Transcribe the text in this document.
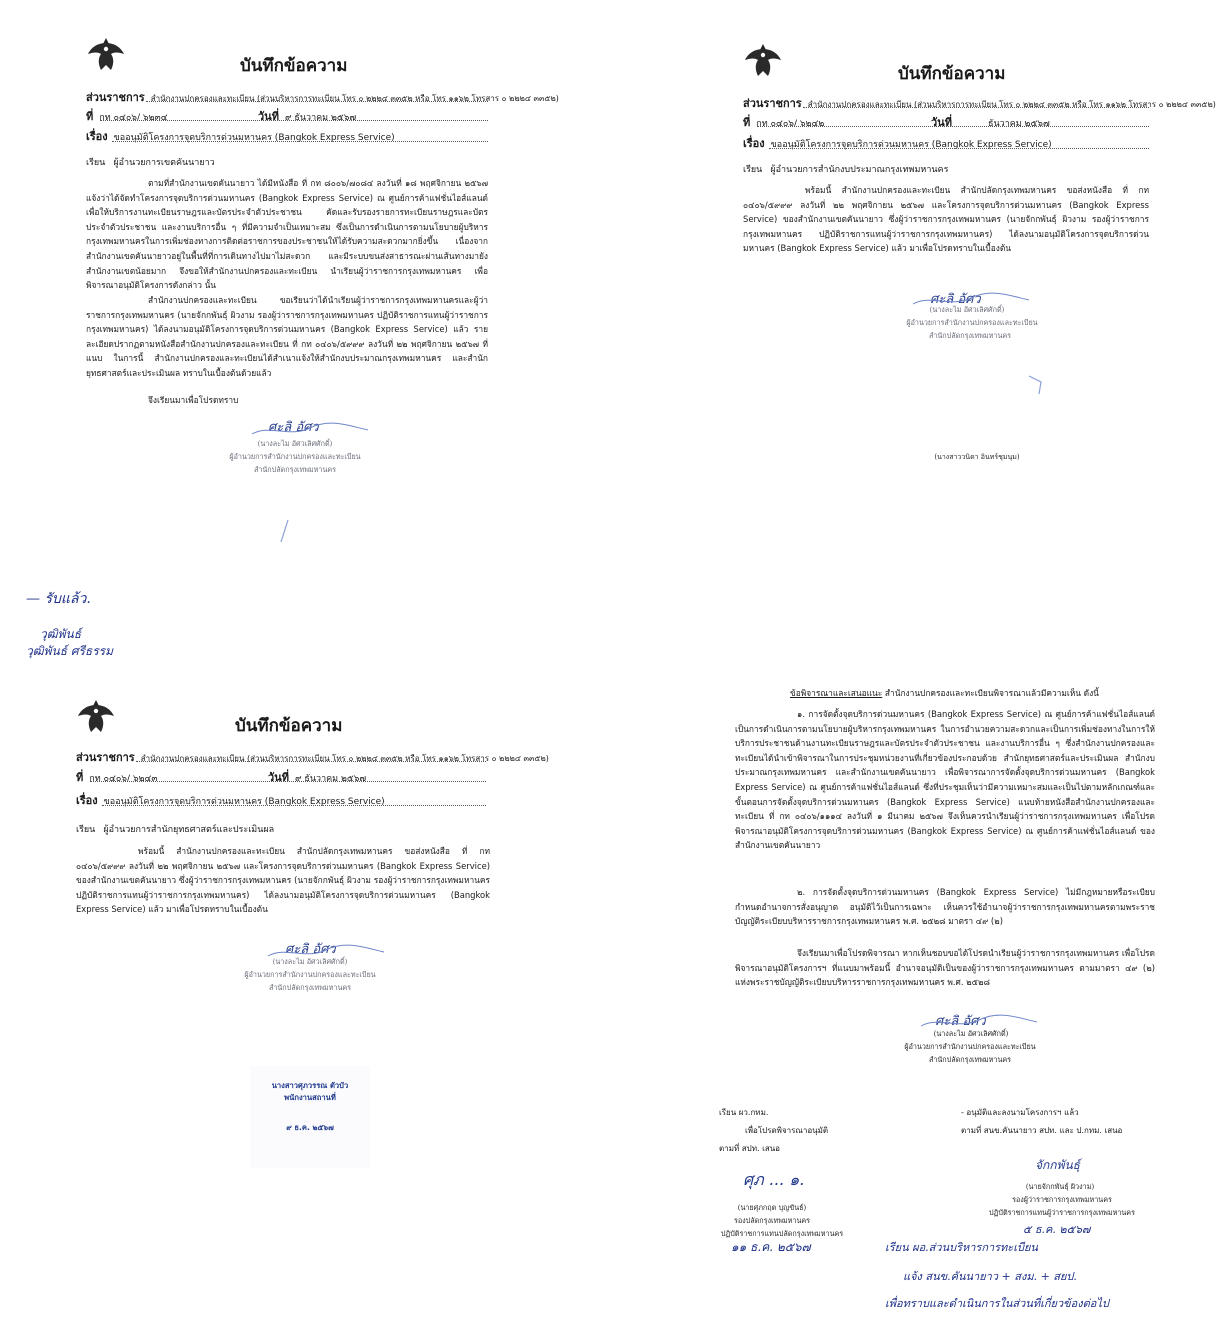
บันทึกข้อความ
ส่วนราชการ สำนักงานปกครองและทะเบียน (ส่วนบริหารการทะเบียน โทร ๐ ๒๒๒๔ ๓๓๕๒ หรือ โทร ๑๑๖๒ โทรสาร ๐ ๒๒๒๔ ๓๓๕๒)
ที่ กท ๐๔๐๖/ ๖๒๓๔	วันที่ ๙ ธันวาคม ๒๕๖๗
เรื่อง ขออนุมัติโครงการจุดบริการด่วนมหานคร (Bangkok Express Service)
เรียน ผู้อำนวยการเขตคันนายาว
ตามที่สำนักงานเขตคันนายาว ได้มีหนังสือ ที่ กท ๘๐๐๖/๗๐๘๔ ลงวันที่ ๑๘ พฤศจิกายน ๒๕๖๗ แจ้งว่าได้จัดทำโครงการจุดบริการด่วนมหานคร (Bangkok Express Service) ณ ศูนย์การค้าแฟชั่นไอส์แลนด์ เพื่อให้บริการงานทะเบียนราษฎรและบัตรประจำตัวประชาชน คัดและรับรองรายการทะเบียนราษฎรและบัตรประจำตัวประชาชน และงานบริการอื่น ๆ ที่มีความจำเป็นเหมาะสม ซึ่งเป็นการดำเนินการตามนโยบายผู้บริหารกรุงเทพมหานครในการเพิ่มช่องทางการติดต่อราชการของประชาชนให้ได้รับความสะดวกมากยิ่งขึ้น เนื่องจากสำนักงานเขตคันนายาวอยู่ในพื้นที่ที่การเดินทางไปมาไม่สะดวก และมีระบบขนส่งสาธารณะผ่านเส้นทางมายังสำนักงานเขตน้อยมาก จึงขอให้สำนักงานปกครองและทะเบียน นำเรียนผู้ว่าราชการกรุงเทพมหานคร เพื่อพิจารณาอนุมัติโครงการดังกล่าว นั้น
สำนักงานปกครองและทะเบียน ขอเรียนว่าได้นำเรียนผู้ว่าราชการกรุงเทพมหานครและผู้ว่าราชการกรุงเทพมหานคร (นายจักกพันธุ์ ผิวงาม รองผู้ว่าราชการกรุงเทพมหานคร ปฏิบัติราชการแทนผู้ว่าราชการกรุงเทพมหานคร) ได้ลงนามอนุมัติโครงการจุดบริการด่วนมหานคร (Bangkok Express Service) แล้ว รายละเอียดปรากฏตามหนังสือสำนักงานปกครองและทะเบียน ที่ กท ๐๔๐๖/๕๙๙๙ ลงวันที่ ๒๒ พฤศจิกายน ๒๕๖๗ ที่แนบ ในการนี้ สำนักงานปกครองและทะเบียนได้สำเนาแจ้งให้สำนักงบประมาณกรุงเทพมหานคร และสำนักยุทธศาสตร์และประเมินผล ทราบในเบื้องต้นด้วยแล้ว
จึงเรียนมาเพื่อโปรดทราบ
ศะลิ อัศว
(นางละไม อัศวเลิศศักดิ์)
ผู้อำนวยการสำนักงานปกครองและทะเบียน
สำนักปลัดกรุงเทพมหานคร
— รับแล้ว.
วุฒิพันธ์
วุฒิพันธ์ ศรีธรรม
บันทึกข้อความ
ส่วนราชการ สำนักงานปกครองและทะเบียน (ส่วนบริหารการทะเบียน โทร ๐ ๒๒๒๔ ๓๓๕๒ หรือ โทร ๑๑๖๒ โทรสาร ๐ ๒๒๒๔ ๓๓๕๒)
ที่ กท ๐๔๐๖/ ๖๒๔๒	วันที่	ธันวาคม ๒๕๖๗
เรื่อง ขออนุมัติโครงการจุดบริการด่วนมหานคร (Bangkok Express Service)
เรียน ผู้อำนวยการสำนักงบประมาณกรุงเทพมหานคร
พร้อมนี้ สำนักงานปกครองและทะเบียน สำนักปลัดกรุงเทพมหานคร ขอส่งหนังสือ ที่ กท ๐๔๐๖/๕๙๙๙ ลงวันที่ ๒๒ พฤศจิกายน ๒๕๖๗ และโครงการจุดบริการด่วนมหานคร (Bangkok Express Service) ของสำนักงานเขตคันนายาว ซึ่งผู้ว่าราชการกรุงเทพมหานคร (นายจักกพันธุ์ ผิวงาม รองผู้ว่าราชการกรุงเทพมหานคร ปฏิบัติราชการแทนผู้ว่าราชการกรุงเทพมหานคร) ได้ลงนามอนุมัติโครงการจุดบริการด่วนมหานคร (Bangkok Express Service) แล้ว มาเพื่อโปรดทราบในเบื้องต้น
ศะลิ อัศว
(นางละไม อัศวเลิศศักดิ์)
ผู้อำนวยการสำนักงานปกครองและทะเบียน
สำนักปลัดกรุงเทพมหานคร
(นางสาววนิดา อินทร์ชุมนุม)
บันทึกข้อความ
ส่วนราชการ สำนักงานปกครองและทะเบียน (ส่วนบริหารการทะเบียน โทร ๐ ๒๒๒๔ ๓๓๕๒ หรือ โทร ๑๑๖๒ โทรสาร ๐ ๒๒๒๔ ๓๓๕๒)
ที่ กท ๐๔๐๖/ ๖๒๔๓	วันที่ ๙ ธันวาคม ๒๕๖๗
เรื่อง ขออนุมัติโครงการจุดบริการด่วนมหานคร (Bangkok Express Service)
เรียน ผู้อำนวยการสำนักยุทธศาสตร์และประเมินผล
พร้อมนี้ สำนักงานปกครองและทะเบียน สำนักปลัดกรุงเทพมหานคร ขอส่งหนังสือ ที่ กท ๐๔๐๖/๕๙๙๙ ลงวันที่ ๒๒ พฤศจิกายน ๒๕๖๗ และโครงการจุดบริการด่วนมหานคร (Bangkok Express Service) ของสำนักงานเขตคันนายาว ซึ่งผู้ว่าราชการกรุงเทพมหานคร (นายจักกพันธุ์ ผิวงาม รองผู้ว่าราชการกรุงเทพมหานคร ปฏิบัติราชการแทนผู้ว่าราชการกรุงเทพมหานคร) ได้ลงนามอนุมัติโครงการจุดบริการด่วนมหานคร (Bangkok Express Service) แล้ว มาเพื่อโปรดทราบในเบื้องต้น
ศะลิ อัศว
(นางละไม อัศวเลิศศักดิ์)
ผู้อำนวยการสำนักงานปกครองและทะเบียน
สำนักปลัดกรุงเทพมหานคร
นางสาวศุภวรรณ ตัวบัว
พนักงานสถานที่
๙ ธ.ค. ๒๕๖๗
ข้อพิจารณาและเสนอแนะ สำนักงานปกครองและทะเบียนพิจารณาแล้วมีความเห็น ดังนี้
๑. การจัดตั้งจุดบริการด่วนมหานคร (Bangkok Express Service) ณ ศูนย์การค้าแฟชั่นไอส์แลนด์ เป็นการดำเนินการตามนโยบายผู้บริหารกรุงเทพมหานคร ในการอำนวยความสะดวกและเป็นการเพิ่มช่องทางในการให้บริการประชาชนด้านงานทะเบียนราษฎรและบัตรประจำตัวประชาชน และงานบริการอื่น ๆ ซึ่งสำนักงานปกครองและทะเบียนได้นำเข้าพิจารณาในการประชุมหน่วยงานที่เกี่ยวข้องประกอบด้วย สำนักยุทธศาสตร์และประเมินผล สำนักงบประมาณกรุงเทพมหานคร และสำนักงานเขตคันนายาว เพื่อพิจารณาการจัดตั้งจุดบริการด่วนมหานคร (Bangkok Express Service) ณ ศูนย์การค้าแฟชั่นไอส์แลนด์ ซึ่งที่ประชุมเห็นว่ามีความเหมาะสมและเป็นไปตามหลักเกณฑ์และขั้นตอนการจัดตั้งจุดบริการด่วนมหานคร (Bangkok Express Service) แนบท้ายหนังสือสำนักงานปกครองและทะเบียน ที่ กท ๐๔๐๖/๑๑๑๔ ลงวันที่ ๑ มีนาคม ๒๕๖๗ จึงเห็นควรนำเรียนผู้ว่าราชการกรุงเทพมหานคร เพื่อโปรดพิจารณาอนุมัติโครงการจุดบริการด่วนมหานคร (Bangkok Express Service) ณ ศูนย์การค้าแฟชั่นไอส์แลนด์ ของสำนักงานเขตคันนายาว
๒. การจัดตั้งจุดบริการด่วนมหานคร (Bangkok Express Service) ไม่มีกฎหมายหรือระเบียบกำหนดอำนาจการสั่งอนุญาต อนุมัติไว้เป็นการเฉพาะ เห็นควรใช้อำนาจผู้ว่าราชการกรุงเทพมหานครตามพระราชบัญญัติระเบียบบริหารราชการกรุงเทพมหานคร พ.ศ. ๒๕๒๘ มาตรา ๔๙ (๒)
จึงเรียนมาเพื่อโปรดพิจารณา หากเห็นชอบขอได้โปรดนำเรียนผู้ว่าราชการกรุงเทพมหานคร เพื่อโปรดพิจารณาอนุมัติโครงการฯ ที่แนบมาพร้อมนี้ อำนาจอนุมัติเป็นของผู้ว่าราชการกรุงเทพมหานคร ตามมาตรา ๔๙ (๒) แห่งพระราชบัญญัติระเบียบบริหารราชการกรุงเทพมหานคร พ.ศ. ๒๕๒๘
ศะลิ อัศว
(นางละไม อัศวเลิศศักดิ์)
ผู้อำนวยการสำนักงานปกครองและทะเบียน
สำนักปลัดกรุงเทพมหานคร
เรียน ผว.กทม.
เพื่อโปรดพิจารณาอนุมัติ
ตามที่ สปท. เสนอ
ศุภ ... ๑.
(นายศุภกฤต บุญขันธ์)
รองปลัดกรุงเทพมหานคร
ปฏิบัติราชการแทนปลัดกรุงเทพมหานคร
๑๑ ธ.ค. ๒๕๖๗
- อนุมัติและลงนามโครงการฯ แล้ว
ตามที่ สนข.คันนายาว สปท. และ ป.กทม. เสนอ
จักกพันธุ์
(นายจักกพันธุ์ ผิวงาม)
รองผู้ว่าราชการกรุงเทพมหานคร
ปฏิบัติราชการแทนผู้ว่าราชการกรุงเทพมหานคร
๕ ธ.ค. ๒๕๖๗
เรียน ผอ.ส่วนบริหารการทะเบียน
แจ้ง สนข.คันนายาว + สงม. + สยป.
เพื่อทราบและดำเนินการในส่วนที่เกี่ยวข้องต่อไป
